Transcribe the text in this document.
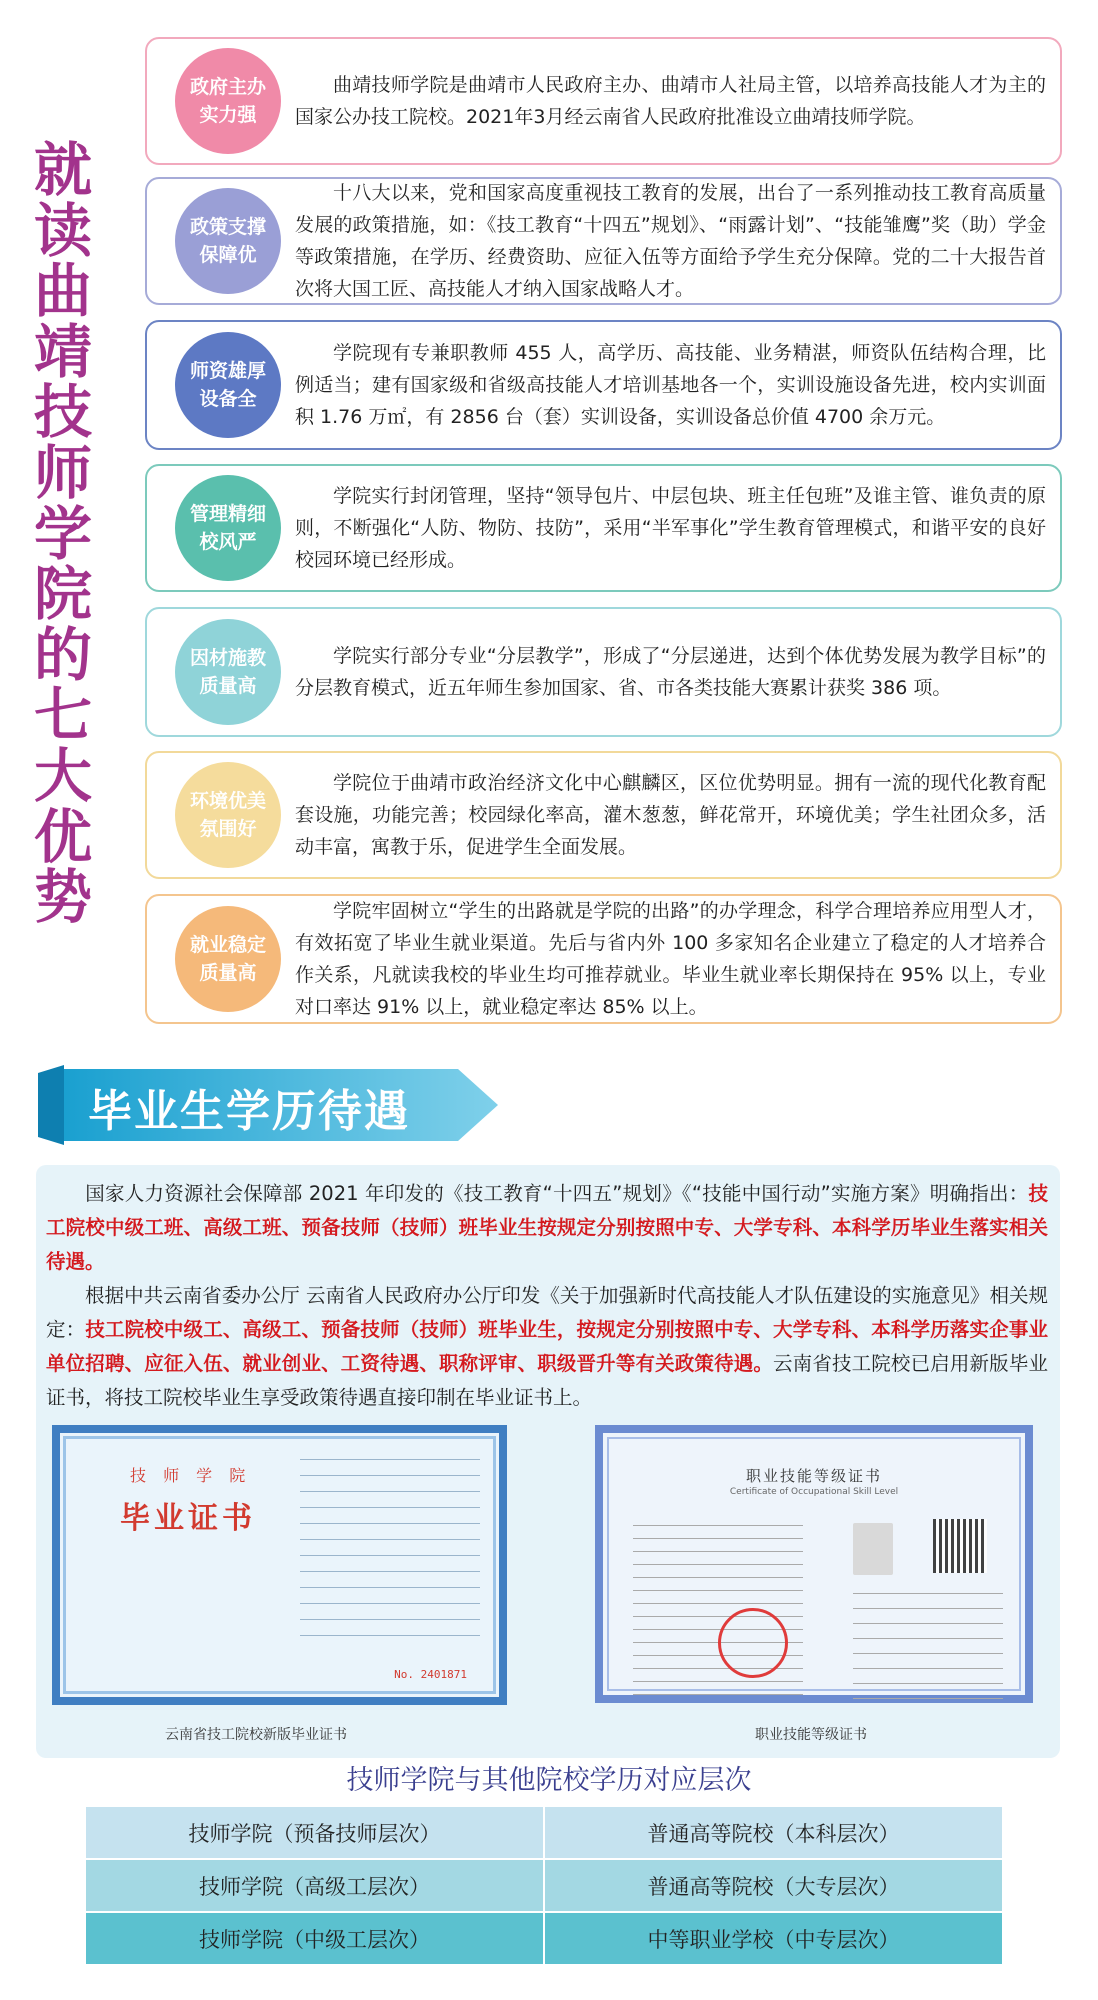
就
读
曲
靖
技
师
学
院
的
七
大
优
势
政府主办实力强
曲靖技师学院是曲靖市人民政府主办、曲靖市人社局主管，以培养高技能人才为主的国家公办技工院校。2021年3月经云南省人民政府批准设立曲靖技师学院。
政策支撑保障优
十八大以来，党和国家高度重视技工教育的发展，出台了一系列推动技工教育高质量发展的政策措施，如：《技工教育“十四五”规划》、“雨露计划”、“技能雏鹰”奖（助）学金等政策措施，在学历、经费资助、应征入伍等方面给予学生充分保障。党的二十大报告首次将大国工匠、高技能人才纳入国家战略人才。
师资雄厚设备全
学院现有专兼职教师 455 人，高学历、高技能、业务精湛，师资队伍结构合理，比例适当；建有国家级和省级高技能人才培训基地各一个，实训设施设备先进，校内实训面积 1.76 万㎡，有 2856 台（套）实训设备，实训设备总价值 4700 余万元。
管理精细校风严
学院实行封闭管理，坚持“领导包片、中层包块、班主任包班”及谁主管、谁负责的原则，不断强化“人防、物防、技防”，采用“半军事化”学生教育管理模式，和谐平安的良好校园环境已经形成。
因材施教质量高
学院实行部分专业“分层教学”，形成了“分层递进，达到个体优势发展为教学目标”的分层教育模式，近五年师生参加国家、省、市各类技能大赛累计获奖 386 项。
环境优美氛围好
学院位于曲靖市政治经济文化中心麒麟区，区位优势明显。拥有一流的现代化教育配套设施，功能完善；校园绿化率高，灌木葱葱，鲜花常开，环境优美；学生社团众多，活动丰富，寓教于乐，促进学生全面发展。
就业稳定质量高
学院牢固树立“学生的出路就是学院的出路”的办学理念，科学合理培养应用型人才，有效拓宽了毕业生就业渠道。先后与省内外 100 多家知名企业建立了稳定的人才培养合作关系，凡就读我校的毕业生均可推荐就业。毕业生就业率长期保持在 95% 以上，专业对口率达 91% 以上，就业稳定率达 85% 以上。
毕业生学历待遇
国家人力资源社会保障部 2021 年印发的《技工教育“十四五”规划》《“技能中国行动”实施方案》明确指出：技工院校中级工班、高级工班、预备技师（技师）班毕业生按规定分别按照中专、大学专科、本科学历毕业生落实相关待遇。
根据中共云南省委办公厅 云南省人民政府办公厅印发《关于加强新时代高技能人才队伍建设的实施意见》相关规定：技工院校中级工、高级工、预备技师（技师）班毕业生，按规定分别按照中专、大学专科、本科学历落实企事业单位招聘、应征入伍、就业创业、工资待遇、职称评审、职级晋升等有关政策待遇。云南省技工院校已启用新版毕业证书，将技工院校毕业生享受政策待遇直接印制在毕业证书上。
技 师 学 院
毕业证书
No. 2401871
职业技能等级证书
Certificate of Occupational Skill Level
云南省技工院校新版毕业证书	职业技能等级证书
技师学院与其他院校学历对应层次
技师学院（预备技师层次）	普通高等院校（本科层次）
技师学院（高级工层次）	普通高等院校（大专层次）
技师学院（中级工层次）	中等职业学校（中专层次）
